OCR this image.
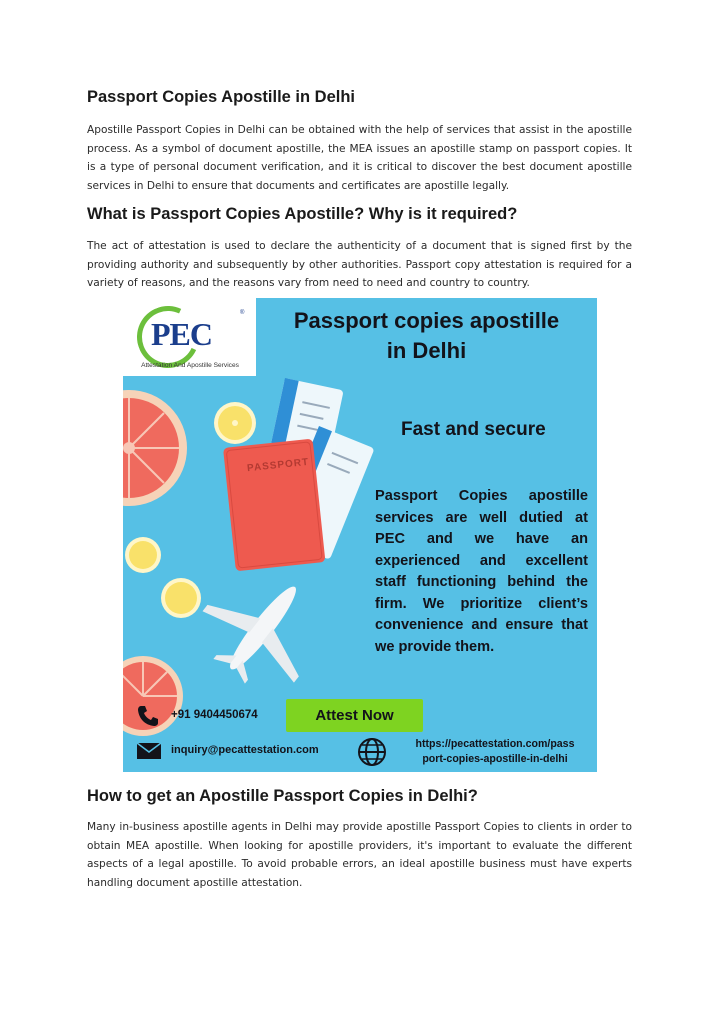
Passport Copies Apostille in Delhi

Apostille Passport Copies in Delhi can be obtained with the help of services that assist in the apostille process. As a symbol of document apostille, the MEA issues an apostille stamp on passport copies. It is a type of personal document verification, and it is critical to discover the best document apostille services in Delhi to ensure that documents and certificates are apostille legally.

What is Passport Copies Apostille? Why is it required?

The act of attestation is used to declare the authenticity of a document that is signed first by the providing authority and subsequently by other authorities. Passport copy attestation is required for a variety of reasons, and the reasons vary from need to need and country to country.

How to get an Apostille Passport Copies in Delhi?

Many in-business apostille agents in Delhi may provide apostille Passport Copies to clients in order to obtain MEA apostille. When looking for apostille providers, it's important to evaluate the different aspects of a legal apostille. To avoid probable errors, an ideal apostille business must have experts handling document apostille attestation.

PASSPORT
PEC
®
Attestation And Apostille Services
Passport copies apostille
in Delhi
Fast and secure
Passport Copies apostille services are well dutied at PEC and we have an experienced and excellent staff functioning behind the firm. We prioritize client’s convenience and ensure that we provide them.
+91 9404450674	Attest Now
inquiry@pecattestation.com	https://pecattestation.com/pass
port-copies-apostille-in-delhi
